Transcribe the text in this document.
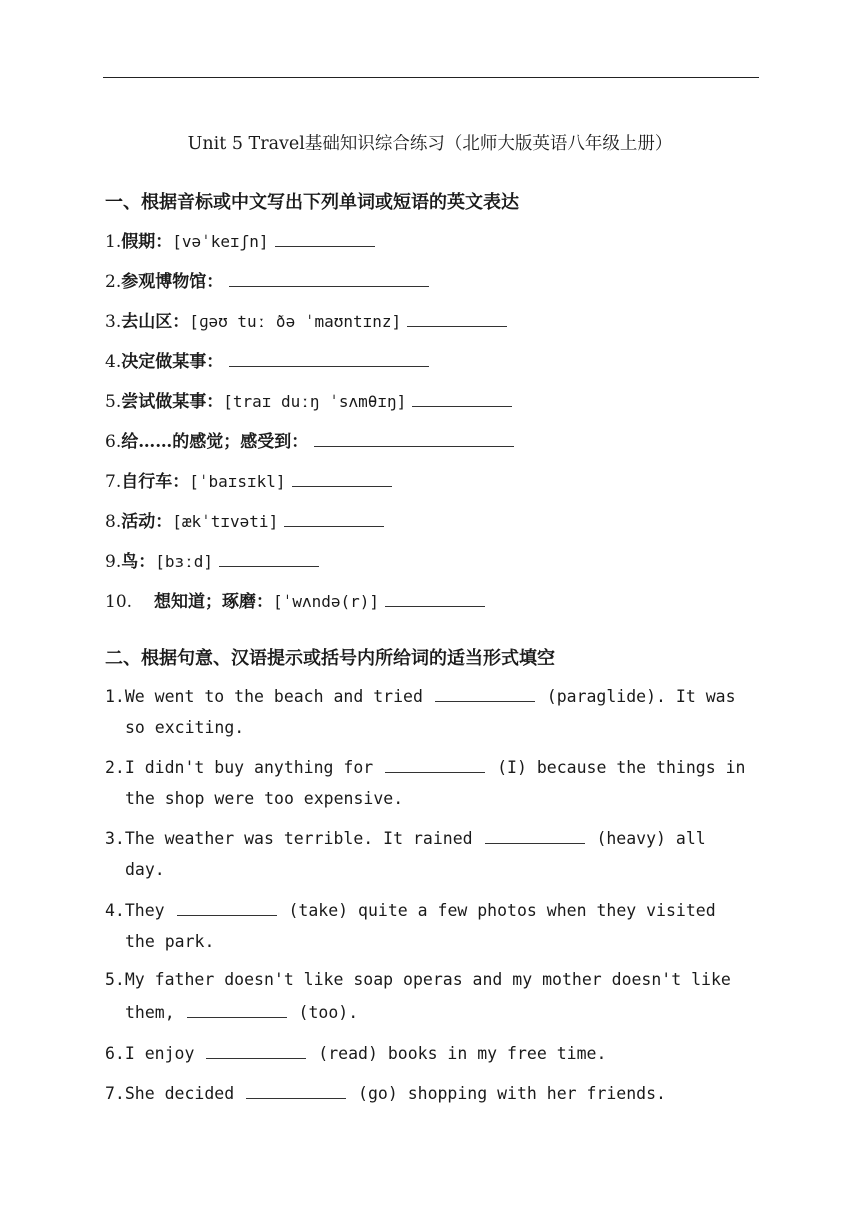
Unit 5 Travel基础知识综合练习（北师大版英语八年级上册）
一、根据音标或中文写出下列单词或短语的英文表达
1.假期：[vəˈkeɪʃn]
2.参观博物馆：
3.去山区：[ɡəʊ tuː ðə ˈmaʊntɪnz]
4.决定做某事：
5.尝试做某事：[traɪ duːŋ ˈsʌmθɪŋ]
6.给……的感觉；感受到：
7.自行车：[ˈbaɪsɪkl]
8.活动：[ækˈtɪvəti]
9.鸟：[bɜːd]
10. 想知道；琢磨：[ˈwʌndə(r)]
二、根据句意、汉语提示或括号内所给词的适当形式填空
1.We went to the beach and tried	(paraglide). It was
so exciting.
2.I didn't buy anything for	(I) because the things in
the shop were too expensive.
3.The weather was terrible. It rained	(heavy) all
day.
4.They	(take) quite a few photos when they visited
the park.
5.My father doesn't like soap operas and my mother doesn't like
them,	(too).
6.I enjoy	(read) books in my free time.
7.She decided	(go) shopping with her friends.
